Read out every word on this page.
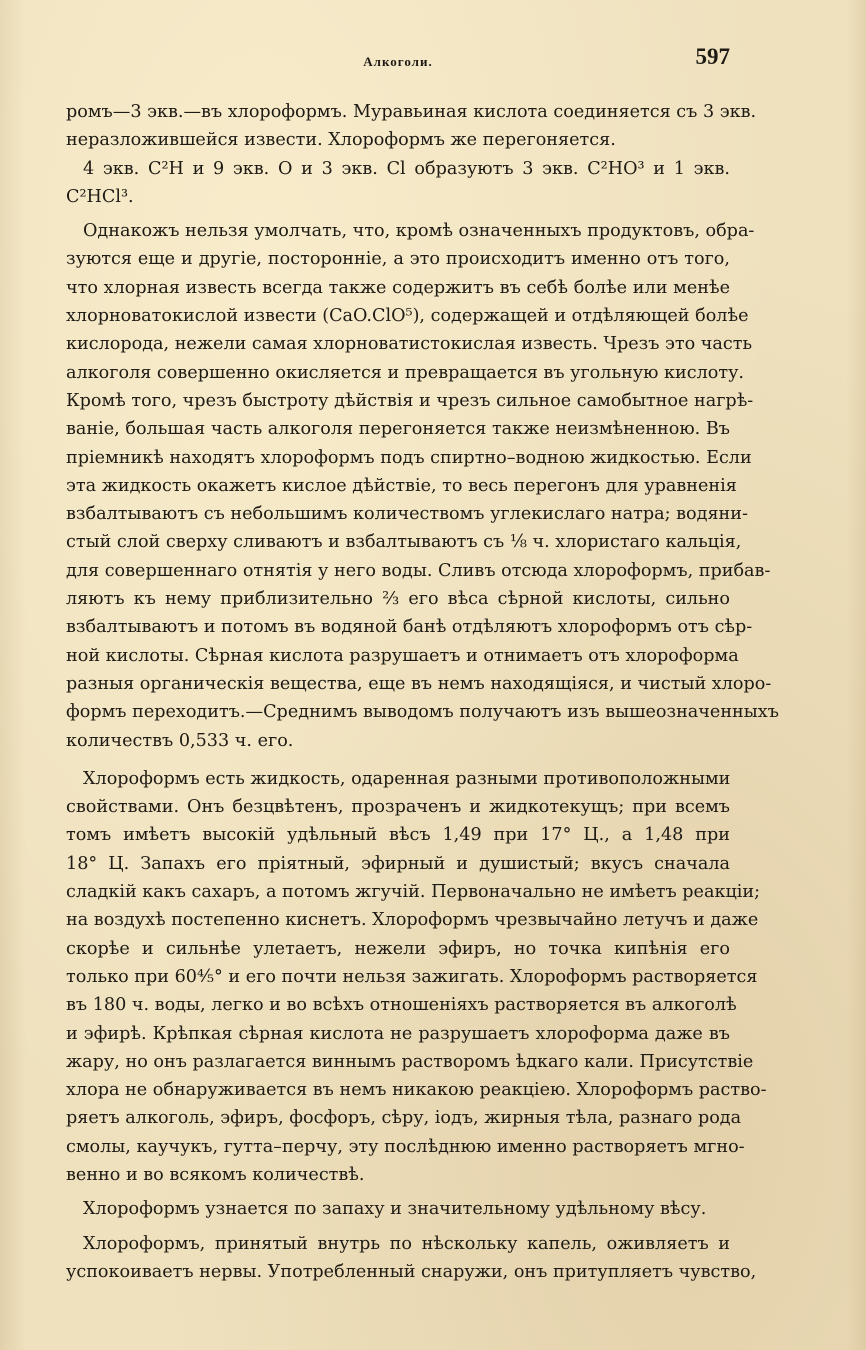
Алкоголи.	597
ромъ—3 экв.—въ хлороформъ. Муравьиная кислота соединяется съ 3 экв.
неразложившейся извести. Хлороформъ же перегоняется.
4 экв. C²H и 9 экв. O и 3 экв. Cl образуютъ 3 экв. C²HO³ и 1 экв.
C²HCl³.
Однакожъ нельзя умолчать, что, кромѣ означенныхъ продуктовъ, обра-
зуются еще и другіе, посторонніе, а это происходитъ именно отъ того,
что хлорная известь всегда также содержитъ въ себѣ болѣе или менѣе
хлорноватокислой извести (CaO.ClO⁵), содержащей и отдѣляющей болѣе
кислорода, нежели самая хлорноватистокислая известь. Чрезъ это часть
алкоголя совершенно окисляется и превращается въ угольную кислоту.
Кромѣ того, чрезъ быстроту дѣйствія и чрезъ сильное самобытное нагрѣ-
ваніе, большая часть алкоголя перегоняется также неизмѣненною. Въ
пріемникѣ находятъ хлороформъ подъ спиртно–водною жидкостью. Если
эта жидкость окажетъ кислое дѣйствіе, то весь перегонъ для уравненія
взбалтываютъ съ небольшимъ количествомъ углекислаго натра; водяни-
стый слой сверху сливаютъ и взбалтываютъ съ ⅛ ч. хлористаго кальція,
для совершеннаго отнятія у него воды. Сливъ отсюда хлороформъ, прибав-
ляютъ къ нему приблизительно ⅔ его вѣса сѣрной кислоты, сильно
взбалтываютъ и потомъ въ водяной банѣ отдѣляютъ хлороформъ отъ сѣр-
ной кислоты. Сѣрная кислота разрушаетъ и отнимаетъ отъ хлороформа
разныя органическія вещества, еще въ немъ находящіяся, и чистый хлоро-
формъ переходитъ.—Среднимъ выводомъ получаютъ изъ вышеозначенныхъ
количествъ 0,533 ч. его.
Хлороформъ есть жидкость, одаренная разными противоположными
свойствами. Онъ безцвѣтенъ, прозраченъ и жидкотекущъ; при всемъ
томъ имѣетъ высокій удѣльный вѣсъ 1,49 при 17° Ц., а 1,48 при
18° Ц. Запахъ его пріятный, эфирный и душистый; вкусъ сначала
сладкій какъ сахаръ, а потомъ жгучій. Первоначально не имѣетъ реакціи;
на воздухѣ постепенно киснетъ. Хлороформъ чрезвычайно летучъ и даже
скорѣе и сильнѣе улетаетъ, нежели эфиръ, но точка кипѣнія его
только при 60⁴⁄₅° и его почти нельзя зажигать. Хлороформъ растворяется
въ 180 ч. воды, легко и во всѣхъ отношеніяхъ растворяется въ алкоголѣ
и эфирѣ. Крѣпкая сѣрная кислота не разрушаетъ хлороформа даже въ
жару, но онъ разлагается виннымъ растворомъ ѣдкаго кали. Присутствіе
хлора не обнаруживается въ немъ никакою реакціею. Хлороформъ раство-
ряетъ алкоголь, эфиръ, фосфоръ, сѣру, іодъ, жирныя тѣла, разнаго рода
смолы, каучукъ, гутта–перчу, эту послѣднюю именно растворяетъ мгно-
венно и во всякомъ количествѣ.
Хлороформъ узнается по запаху и значительному удѣльному вѣсу.
Хлороформъ, принятый внутрь по нѣскольку капель, оживляетъ и
успокоиваетъ нервы. Употребленный снаружи, онъ притупляетъ чувство,
